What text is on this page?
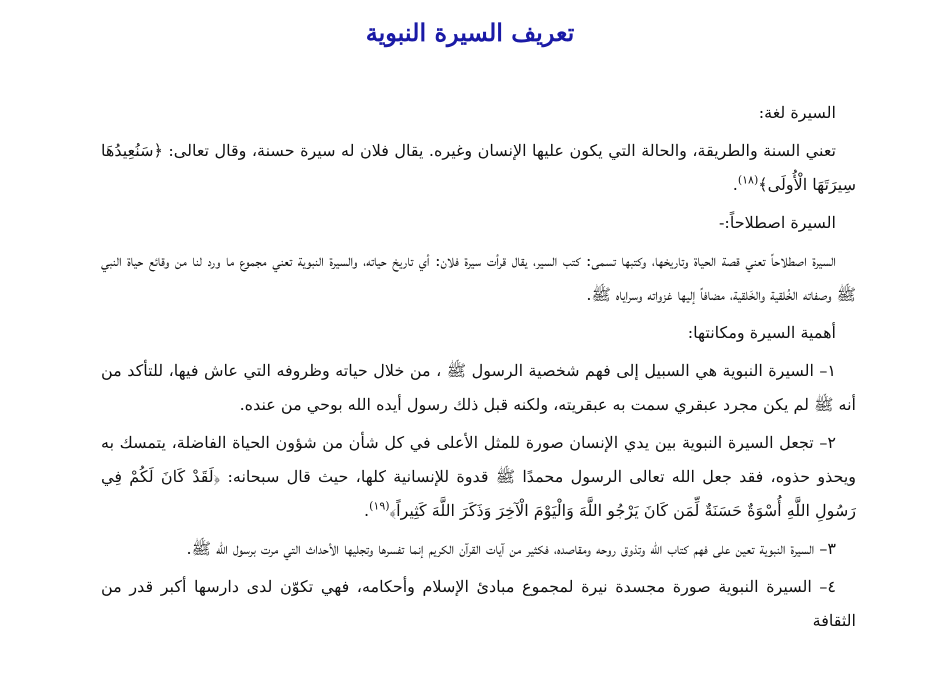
تعريف السيرة النبوية

السيرة لغة:

تعني السنة والطريقة، والحالة التي يكون عليها الإنسان وغيره. يقال فلان له سيرة حسنة، وقال تعالى: ﴿سَنُعِيدُهَا سِيرَتَهَا الْأُولَى﴾$^{(١٨)}$.

السيرة اصطلاحاً:-

السيرة اصطلاحاً تعني قصة الحياة وتاريخها، وكتبها تسمى: كتب السير، يقال قرأت سيرة فلان: أي تاريخ حياته، والسيرة النبوية تعني مجموع ما ورد لنا من وقائع حياة النبي ﷺ وصفاته الخُلقية والخَلقية، مضافاً إليها غزواته وسراياه ﷺ.

أهمية السيرة ومكانتها:

١– السيرة النبوية هي السبيل إلى فهم شخصية الرسول ﷺ ، من خلال حياته وظروفه التي عاش فيها، للتأكد من أنه ﷺ لم يكن مجرد عبقري سمت به عبقريته، ولكنه قبل ذلك رسول أيده الله بوحي من عنده.

٢– تجعل السيرة النبوية بين يدي الإنسان صورة للمثل الأعلى في كل شأن من شؤون الحياة الفاضلة، يتمسك به ويحذو حذوه، فقد جعل الله تعالى الرسول محمدًا ﷺ قدوة للإنسانية كلها، حيث قال سبحانه: ﴿لَقَدْ كَانَ لَكُمْ فِي رَسُولِ اللَّهِ أُسْوَةٌ حَسَنَةٌ لِّمَن كَانَ يَرْجُو اللَّهَ وَالْيَوْمَ الْآخِرَ وَذَكَرَ اللَّهَ كَثِيراً﴾$^{(١٩)}$.

٣– السيرة النبوية تعين على فهم كتاب الله وتذوق روحه ومقاصده، فكثير من آيات القرآن الكريم إنما تفسرها وتجليها الأحداث التي مرت برسول الله ﷺ.

٤– السيرة النبوية صورة مجسدة نيرة لمجموع مبادئ الإسلام وأحكامه، فهي تكوّن لدى دارسها أكبر قدر من الثقافة
